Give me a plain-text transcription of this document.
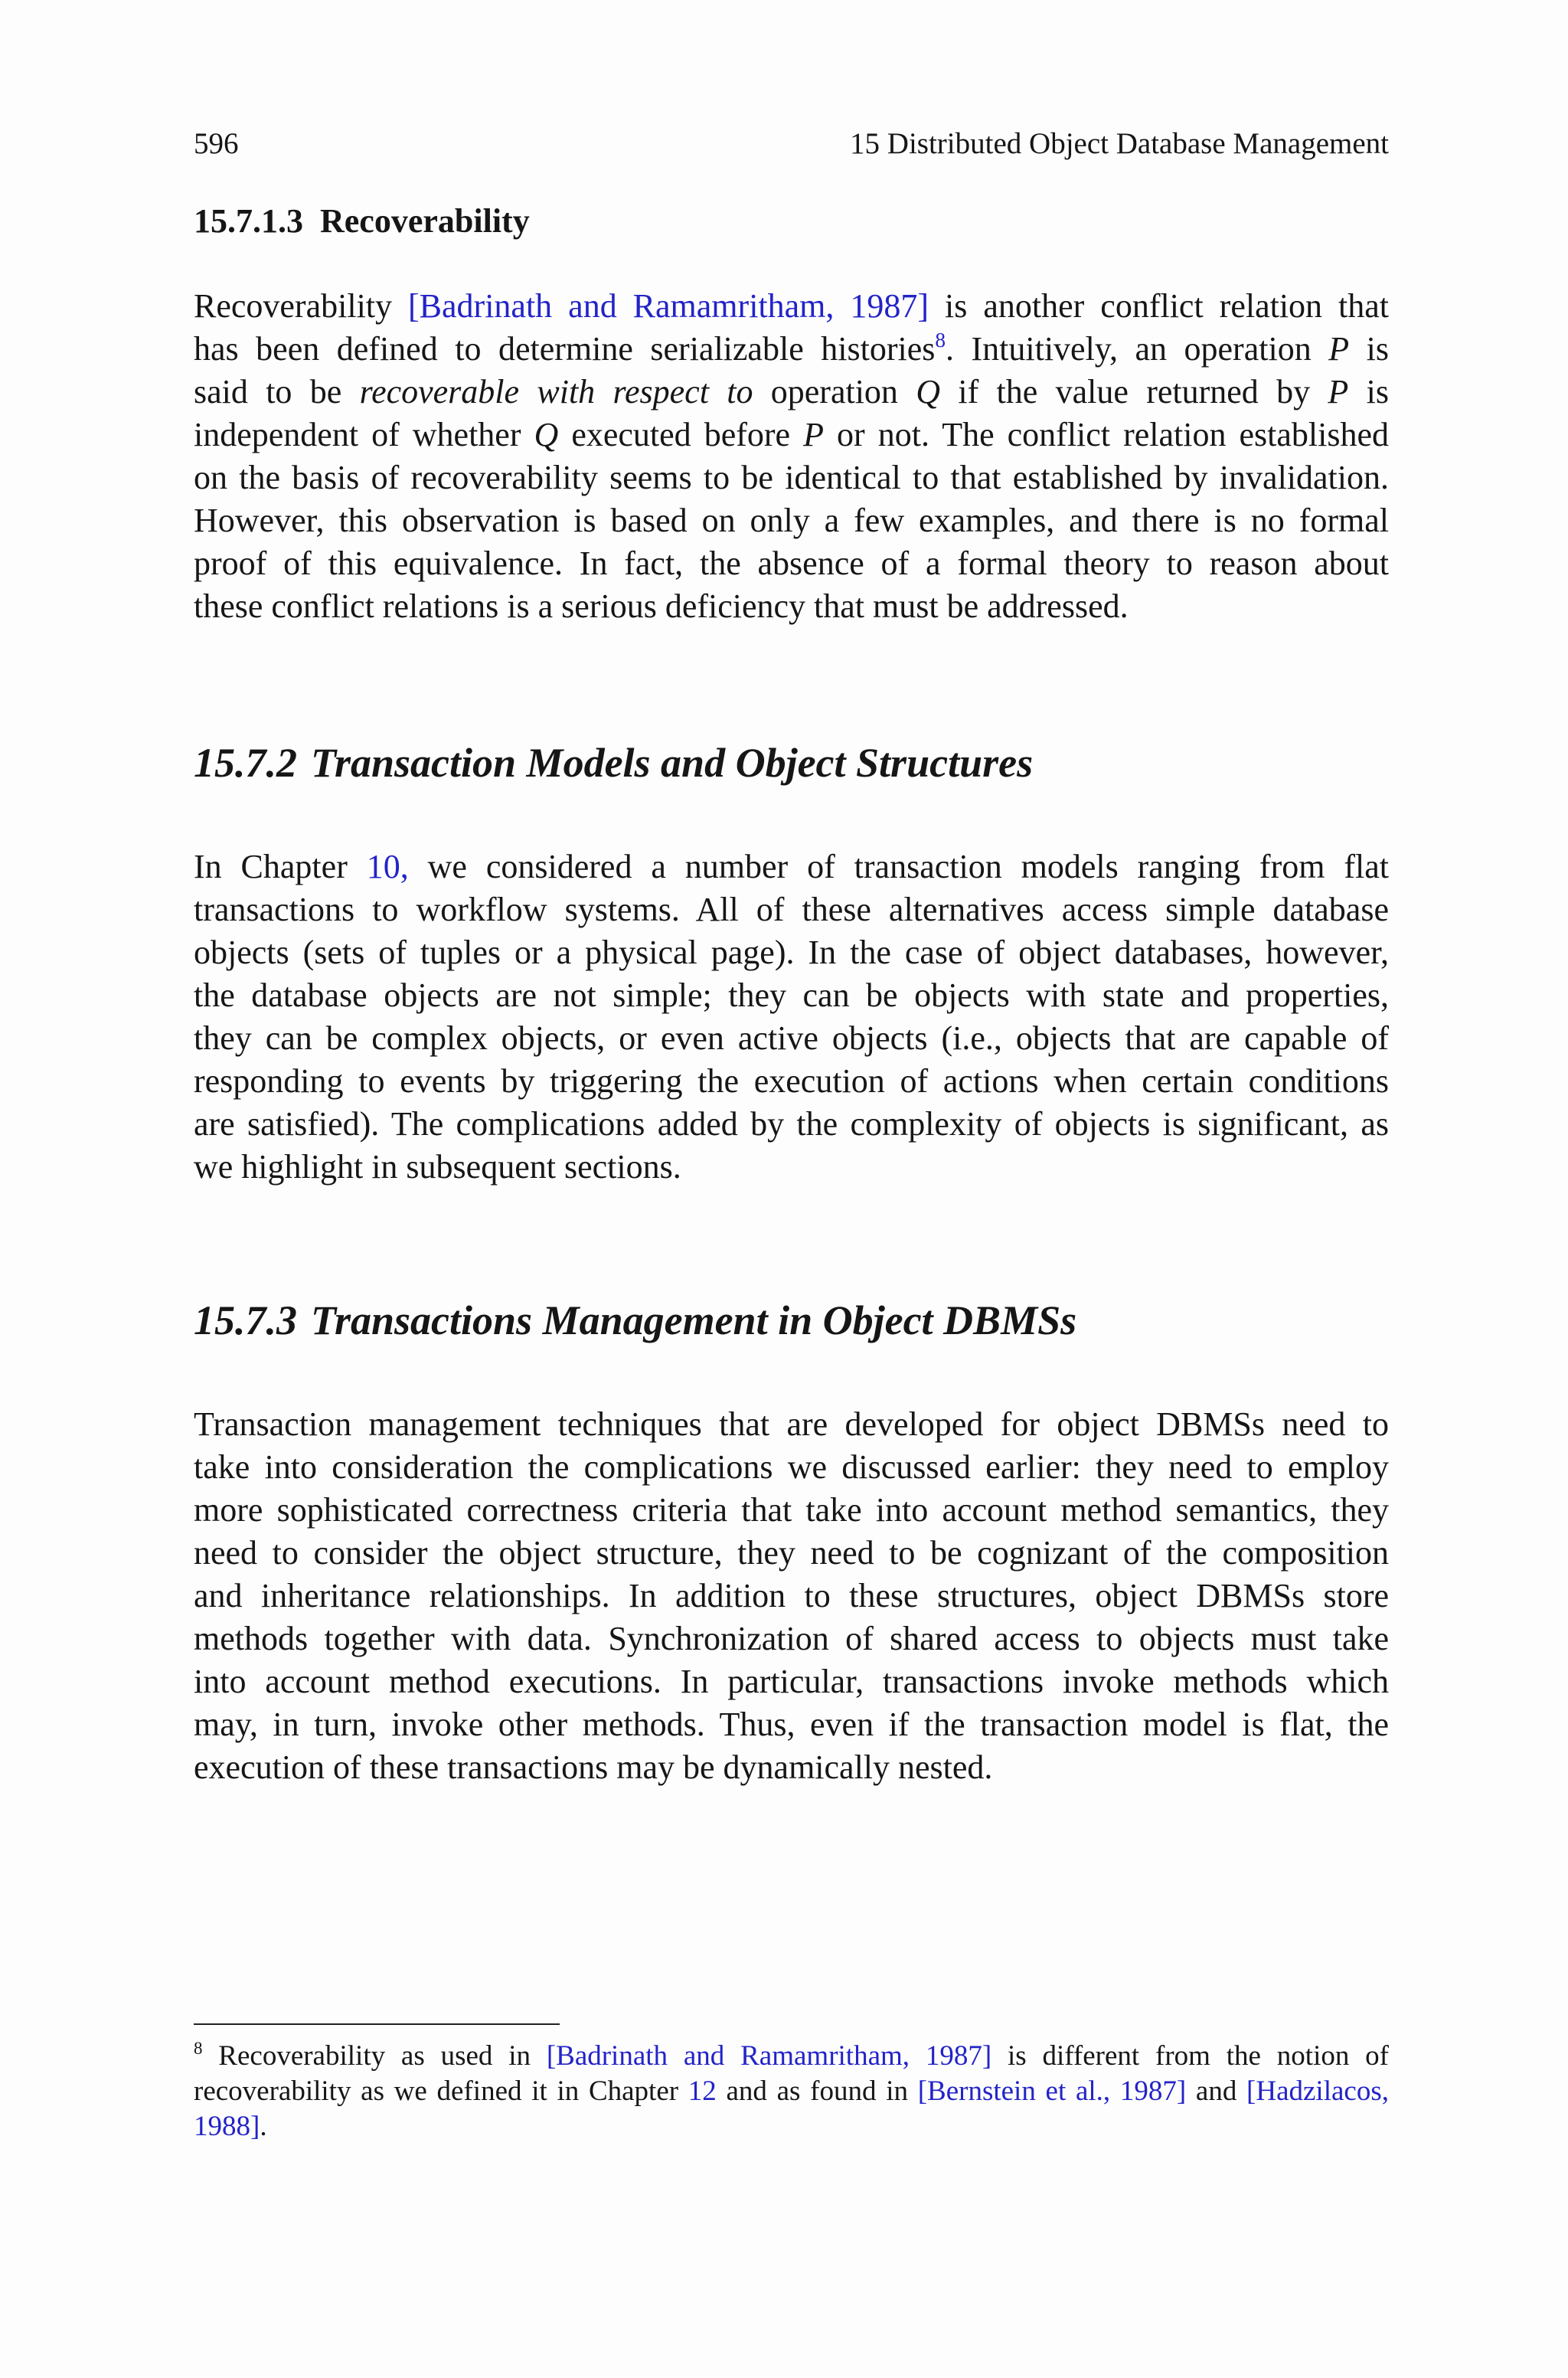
596	15 Distributed Object Database Management
15.7.1.3 Recoverability
Recoverability [Badrinath and Ramamritham, 1987] is another conflict relation that
has been defined to determine serializable histories$^8$. Intuitively, an operation P is
said to be recoverable with respect to operation Q if the value returned by P is
independent of whether Q executed before P or not. The conflict relation established
on the basis of recoverability seems to be identical to that established by invalidation.
However, this observation is based on only a few examples, and there is no formal
proof of this equivalence. In fact, the absence of a formal theory to reason about
these conflict relations is a serious deficiency that must be addressed.
15.7.2 Transaction Models and Object Structures
In Chapter 10, we considered a number of transaction models ranging from flat
transactions to workflow systems. All of these alternatives access simple database
objects (sets of tuples or a physical page). In the case of object databases, however,
the database objects are not simple; they can be objects with state and properties,
they can be complex objects, or even active objects (i.e., objects that are capable of
responding to events by triggering the execution of actions when certain conditions
are satisfied). The complications added by the complexity of objects is significant, as
we highlight in subsequent sections.
15.7.3 Transactions Management in Object DBMSs
Transaction management techniques that are developed for object DBMSs need to
take into consideration the complications we discussed earlier: they need to employ
more sophisticated correctness criteria that take into account method semantics, they
need to consider the object structure, they need to be cognizant of the composition
and inheritance relationships. In addition to these structures, object DBMSs store
methods together with data. Synchronization of shared access to objects must take
into account method executions. In particular, transactions invoke methods which
may, in turn, invoke other methods. Thus, even if the transaction model is flat, the
execution of these transactions may be dynamically nested.
$^8$ Recoverability as used in [Badrinath and Ramamritham, 1987] is different from the notion of
recoverability as we defined it in Chapter 12 and as found in [Bernstein et al., 1987] and [Hadzilacos,
1988].
